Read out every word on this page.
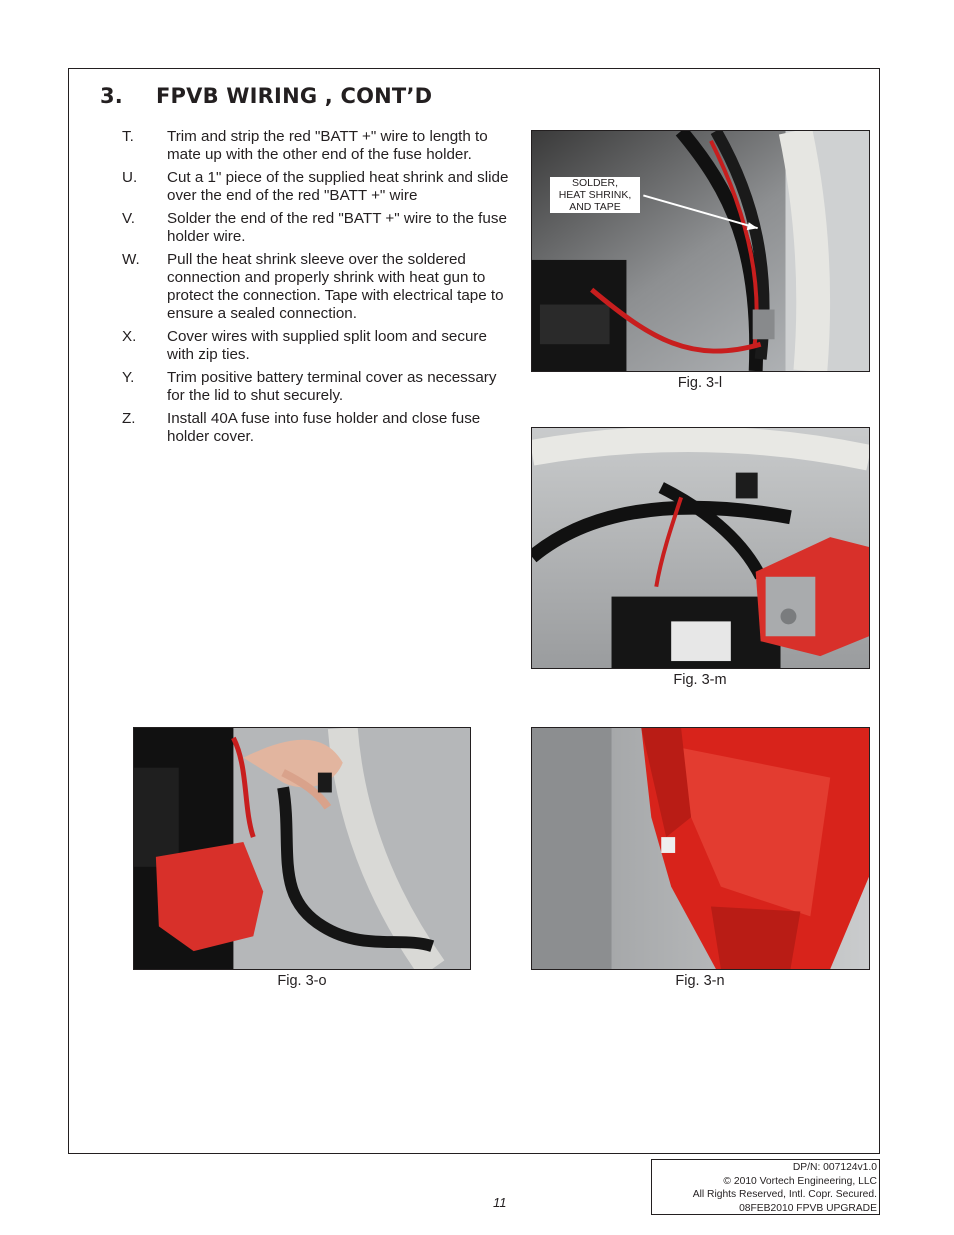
3. FPVB WIRING , CONT’D
T.	Trim and strip the red "BATT +" wire to length to mate up with the other end of the fuse holder.
U.	Cut a 1" piece of the supplied heat shrink and slide over the end of the red "BATT +" wire
V.	Solder the end of the red "BATT +" wire to the fuse holder wire.
W.	Pull the heat shrink sleeve over the soldered connection and properly shrink with heat gun to protect the connection. Tape with electrical tape to ensure a sealed connection.
X.	Cover wires with supplied split loom and secure with zip ties.
Y.	Trim positive battery terminal cover as necessary for the lid to shut securely.
Z.	Install 40A fuse into fuse holder and close fuse holder cover.
SOLDER,
HEAT SHRINK,
AND TAPE
Fig. 3-l
Fig. 3-m
Fig. 3-o	Fig. 3-n
11
DP/N: 007124v1.0
© 2010 Vortech Engineering, LLC
All Rights Reserved, Intl. Copr. Secured.
08FEB2010 FPVB UPGRADE
